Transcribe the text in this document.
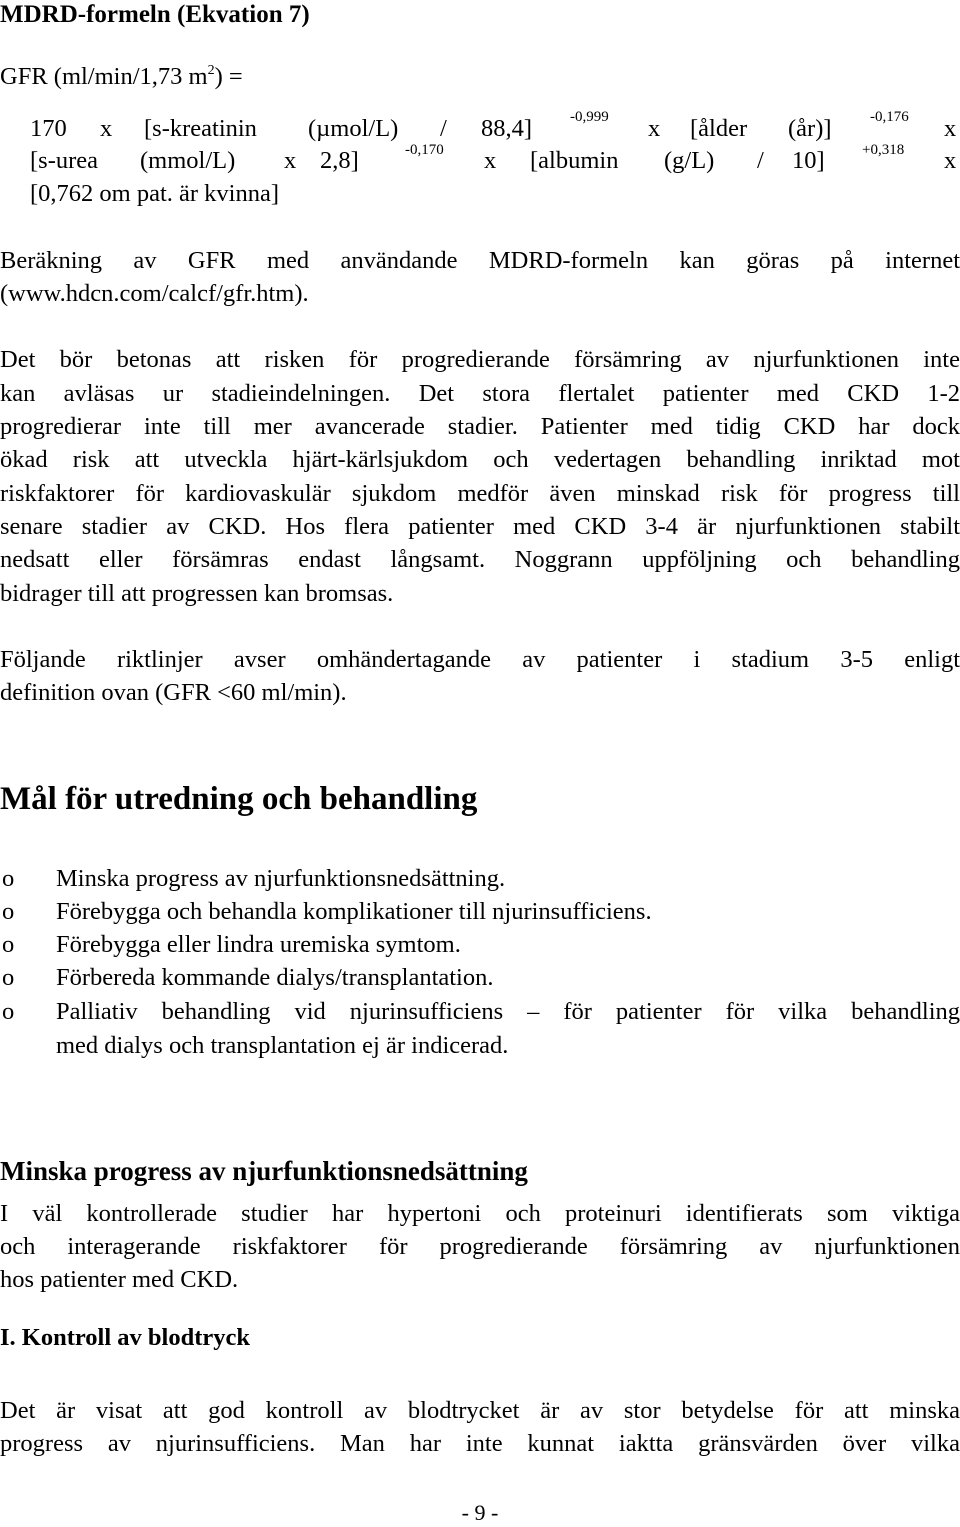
MDRD-formeln (Ekvation 7)
GFR (ml/min/1,73 $m^2$) =
170 x [s-kreatinin (µmol/L) / 88,4]	x [ålder (år)]	x
-0,999	-0,176
[s-urea (mmol/L) x 2,8]	x [albumin (g/L) / 10]	x
-0,170	+0,318
[0,762 om pat. är kvinna]
Beräkning av GFR med användande MDRD-formeln kan göras på internet
(www.hdcn.com/calcf/gfr.htm).
Det bör betonas att risken för progredierande försämring av njurfunktionen inte
kan avläsas ur stadieindelningen. Det stora flertalet patienter med CKD 1-2
progredierar inte till mer avancerade stadier. Patienter med tidig CKD har dock
ökad risk att utveckla hjärt-kärlsjukdom och vedertagen behandling inriktad mot
riskfaktorer för kardiovaskulär sjukdom medför även minskad risk för progress till
senare stadier av CKD. Hos flera patienter med CKD 3-4 är njurfunktionen stabilt
nedsatt eller försämras endast långsamt. Noggrann uppföljning och behandling
bidrager till att progressen kan bromsas.
Följande riktlinjer avser omhändertagande av patienter i stadium 3-5 enligt
definition ovan (GFR <60 ml/min).
Mål för utredning och behandling
o Minska progress av njurfunktionsnedsättning.
o Förebygga och behandla komplikationer till njurinsufficiens.
o Förebygga eller lindra uremiska symtom.
o Förbereda kommande dialys/transplantation.
o Palliativ behandling vid njurinsufficiens – för patienter för vilka behandling
med dialys och transplantation ej är indicerad.
Minska progress av njurfunktionsnedsättning
I väl kontrollerade studier har hypertoni och proteinuri identifierats som viktiga
och interagerande riskfaktorer för progredierande försämring av njurfunktionen
hos patienter med CKD.
I. Kontroll av blodtryck
Det är visat att god kontroll av blodtrycket är av stor betydelse för att minska
progress av njurinsufficiens. Man har inte kunnat iaktta gränsvärden över vilka
- 9 -
